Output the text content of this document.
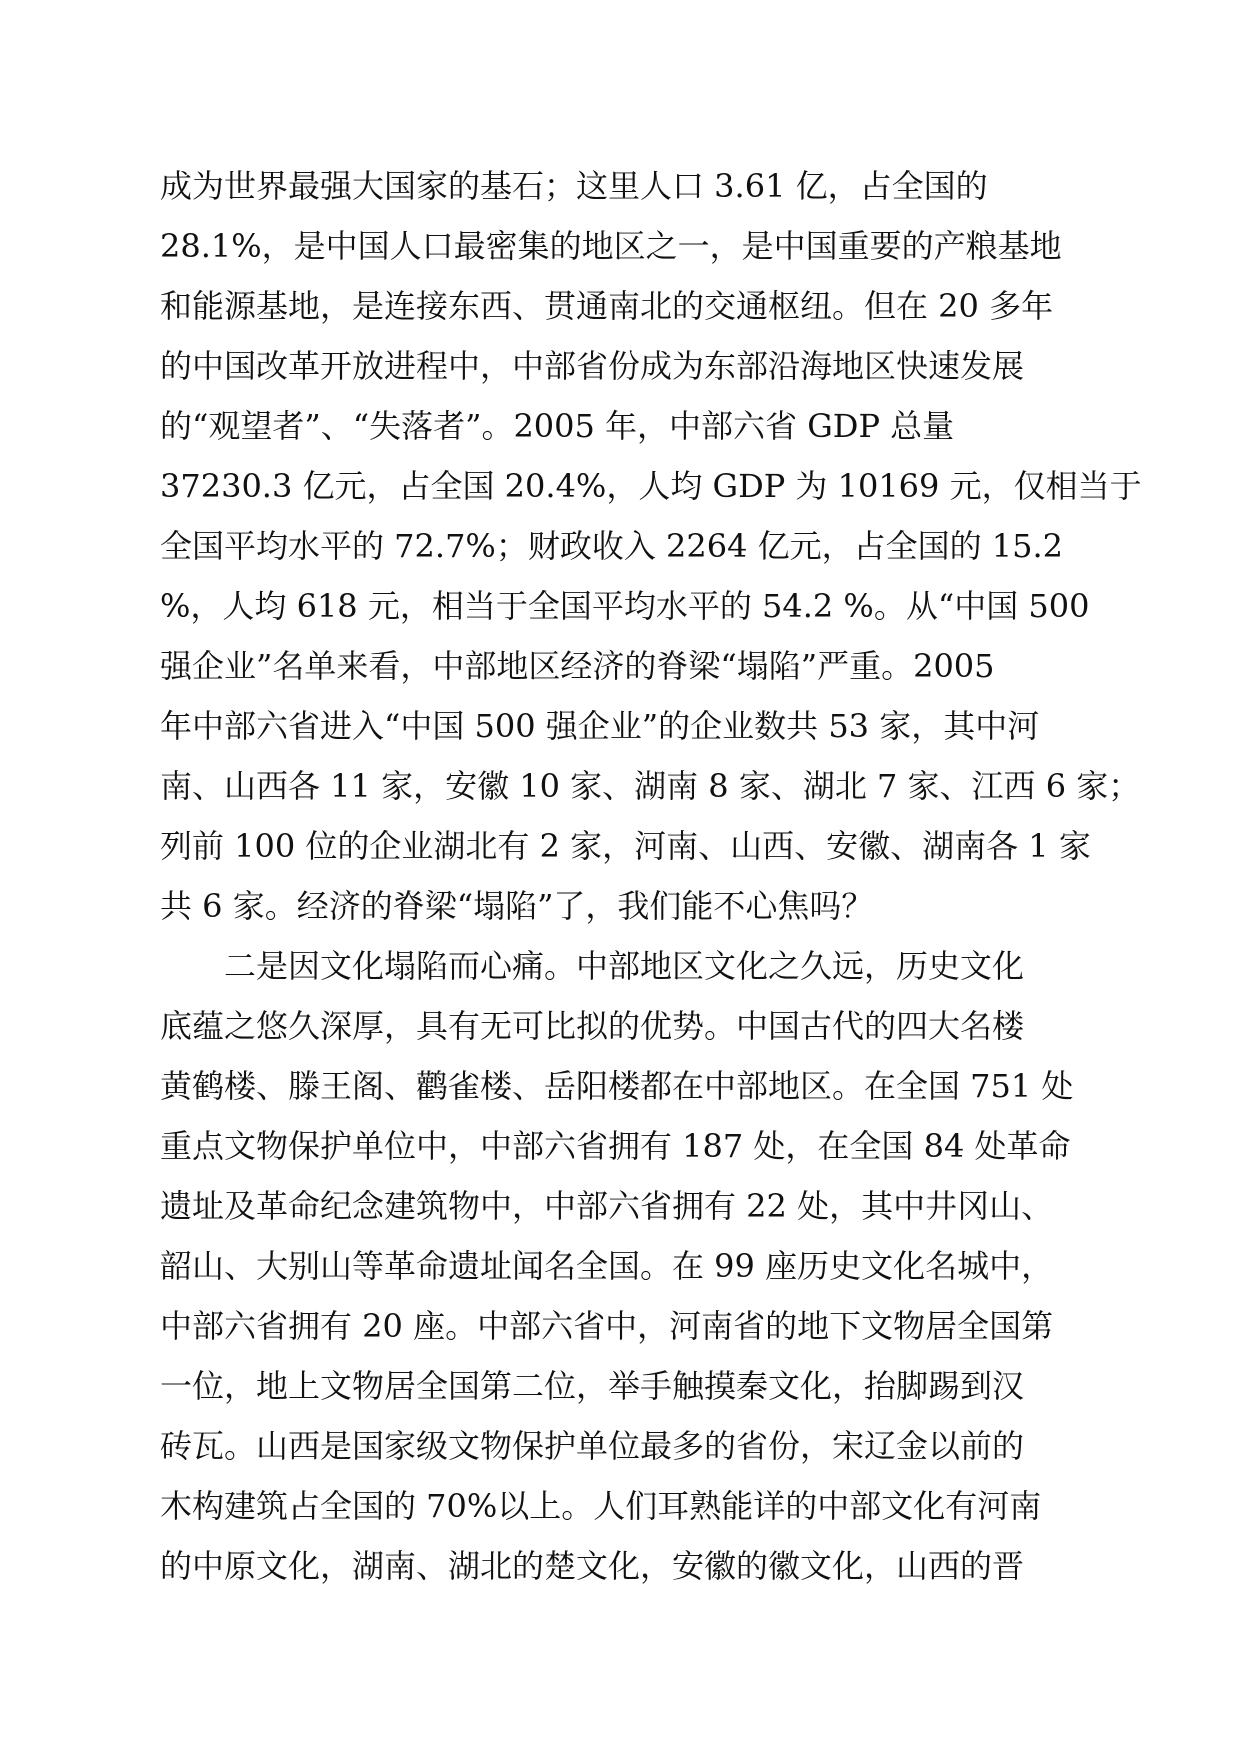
成为世界最强大国家的基石；这里人口 3.61 亿，占全国的
28.1%，是中国人口最密集的地区之一，是中国重要的产粮基地
和能源基地，是连接东西、贯通南北的交通枢纽。但在 20 多年
的中国改革开放进程中，中部省份成为东部沿海地区快速发展
的“观望者”、“失落者”。2005 年，中部六省 GDP 总量
37230.3 亿元，占全国 20.4%，人均 GDP 为 10169 元，仅相当于
全国平均水平的 72.7%；财政收入 2264 亿元，占全国的 15.2
%，人均 618 元，相当于全国平均水平的 54.2 %。从“中国 500
强企业”名单来看，中部地区经济的脊梁“塌陷”严重。2005
年中部六省进入“中国 500 强企业”的企业数共 53 家，其中河
南、山西各 11 家，安徽 10 家、湖南 8 家、湖北 7 家、江西 6 家；
列前 100 位的企业湖北有 2 家，河南、山西、安徽、湖南各 1 家
共 6 家。经济的脊梁“塌陷”了，我们能不心焦吗？
二是因文化塌陷而心痛。中部地区文化之久远，历史文化
底蕴之悠久深厚，具有无可比拟的优势。中国古代的四大名楼
黄鹤楼、滕王阁、鹳雀楼、岳阳楼都在中部地区。在全国 751 处
重点文物保护单位中，中部六省拥有 187 处，在全国 84 处革命
遗址及革命纪念建筑物中，中部六省拥有 22 处，其中井冈山、
韶山、大别山等革命遗址闻名全国。在 99 座历史文化名城中，
中部六省拥有 20 座。中部六省中，河南省的地下文物居全国第
一位，地上文物居全国第二位，举手触摸秦文化，抬脚踢到汉
砖瓦。山西是国家级文物保护单位最多的省份，宋辽金以前的
木构建筑占全国的 70%以上。人们耳熟能详的中部文化有河南
的中原文化，湖南、湖北的楚文化，安徽的徽文化，山西的晋
